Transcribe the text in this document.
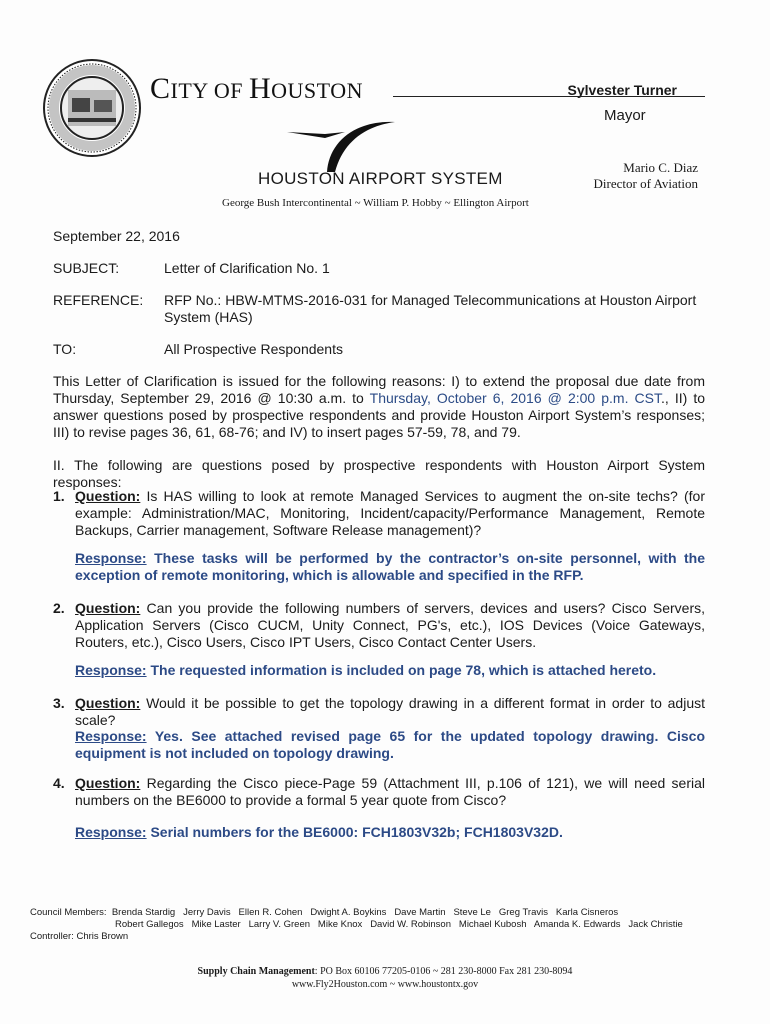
CITY OF HOUSTON	Sylvester Turner
Mayor
HOUSTON AIRPORT SYSTEM
Mario C. Diaz
Director of Aviation
George Bush Intercontinental ~ William P. Hobby ~ Ellington Airport
September 22, 2016
SUBJECT:	Letter of Clarification No. 1
REFERENCE: RFP No.: HBW-MTMS-2016-031 for Managed Telecommunications at Houston Airport System (HAS)
TO:	All Prospective Respondents
This Letter of Clarification is issued for the following reasons: I) to extend the proposal due date from Thursday, September 29, 2016 @ 10:30 a.m. to Thursday, October 6, 2016 @ 2:00 p.m. CST., II) to answer questions posed by prospective respondents and provide Houston Airport System’s responses; III) to revise pages 36, 61, 68-76; and IV) to insert pages 57-59, 78, and 79.
II. The following are questions posed by prospective respondents with Houston Airport System responses:
1. Question: Is HAS willing to look at remote Managed Services to augment the on-site techs? (for example: Administration/MAC, Monitoring, Incident/capacity/Performance Management, Remote Backups, Carrier management, Software Release management)?
Response: These tasks will be performed by the contractor’s on-site personnel, with the exception of remote monitoring, which is allowable and specified in the RFP.
2. Question: Can you provide the following numbers of servers, devices and users? Cisco Servers, Application Servers (Cisco CUCM, Unity Connect, PG's, etc.), IOS Devices (Voice Gateways, Routers, etc.), Cisco Users, Cisco IPT Users, Cisco Contact Center Users.
Response: The requested information is included on page 78, which is attached hereto.
3. Question: Would it be possible to get the topology drawing in a different format in order to adjust scale?
Response: Yes. See attached revised page 65 for the updated topology drawing. Cisco equipment is not included on topology drawing.
4. Question: Regarding the Cisco piece-Page 59 (Attachment III, p.106 of 121), we will need serial numbers on the BE6000 to provide a formal 5 year quote from Cisco?
Response: Serial numbers for the BE6000: FCH1803V32b; FCH1803V32D.
Council Members: Brenda Stardig   Jerry Davis   Ellen R. Cohen   Dwight A. Boykins   Dave Martin   Steve Le   Greg Travis   Karla Cisneros
Robert Gallegos   Mike Laster   Larry V. Green   Mike Knox   David W. Robinson   Michael Kubosh   Amanda K. Edwards   Jack Christie
Controller: Chris Brown
Supply Chain Management: PO Box 60106 77205-0106 ~ 281 230-8000 Fax 281 230-8094
www.Fly2Houston.com ~ www.houstontx.gov
